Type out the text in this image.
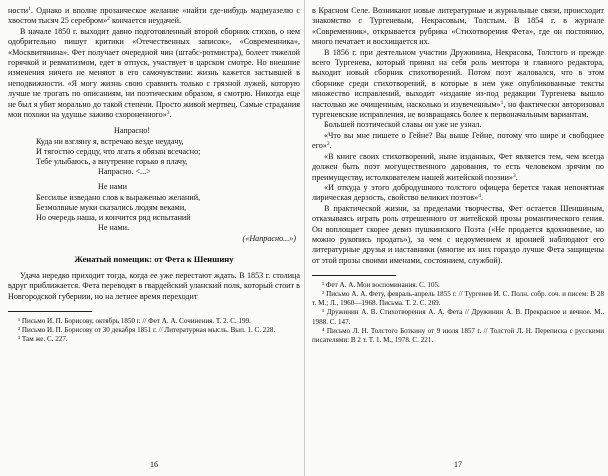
ности$^1$. Однако и вполне прозаическое желание «найти где-нибудь мадмуазелю с хвостом тысяч 25 серебром»$^2$ кончается неудачей.

В начале 1850 г. выходит давно подготовленный второй сборник стихов, о нем одобрительно пишут критики «Отечественных записок», «Современника», «Москвитянина». Фет получает очередной чин (штабс-ротмистра), болеет тяжелой горячкой и ревматизмом, едет в отпуск, участвует в царском смотре. Но внешние изменения ничего не меняют в его самочувствии: жизнь кажется застывшей в неподвижности. «Я могу жизнь свою сравнить только с грязной лужей, которую лучше не трогать по описаниям, ни поэтическим образом, я смотрю. Никогда еще не был я убит морально до такой степени. Просто живой мертвец. Самые страдания мои похожи на удушье заживо схороненного»$^3$.

Напрасно!
Куда ни взгляну я, встречаю везде неудачу,
И тягостно сердцу, что лгать я обязан всечасно;
Тебе улыбаюсь, а внутренне горько я плачу,
Напрасно. <...>
Не нами
Бессилье изведано слов к выраженью желаний,
Безмолвные муки сказались людям веками,
Но очередь наша, и кончится ряд испытаний
Не нами.
(«Напрасно...»)
Женатый помещик: от Фета к Шеншину

Удача нередко приходит тогда, когда ее уже перестают ждать. В 1853 г. столица вдруг приближается. Фета переводят в гвардейский уланский полк, который стоит в Новгородской губернии, но на летнее время переходит

¹ Письмо И. П. Борисову, октябрь 1850 г. // Фет А. А. Сочинения. Т. 2. С. 199.
² Письмо И. П. Борисову от 30 декабря 1851 г. // Литературная мысль. Вып. 1. С. 228.
³ Там же. С. 227.
16

в Красном Селе. Возникают новые литературные и журнальные связи, происходит знакомство с Тургеневым, Некрасовым, Толстым. В 1854 г. в журнале «Современник», открывается рубрика «Стихотворения Фета», где он постоянно, много печатает и восхищается их.

В 1856 г. при деятельном участии Дружинина, Некрасова, Толстого и прежде всего Тургенева, который принял на себя роль ментора и главного редактора, выходит новый сборник стихотворений. Потом поэт жаловался, что в этом сборнике среди стихотворений, в которые в нем уже опубликованные тексты множество исправлений, выходит «издание из-под редакции Тургенева вышло настолько же очищенным, насколько и изувеченным»$^1$, но фактически авторизовал тургеневские исправления, не возвращаясь более к первоначальным вариантам.

Большей поэтической славы он уже не узнал.

«Что вы мне пишете о Гейне? Вы выше Гейне, потому что шире и свободнее его»$^2$.

«В книге своих стихотворений, ныне изданных, Фет является тем, чем всегда должен быть поэт могущественного дарования, то есть человеком зрячим по преимуществу, истолкователем нашей житейской поэзии»$^3$.

«И откуда у этого добродушного толстого офицера берется такая непонятная лирическая дерзость, свойство великих поэтов»$^4$.

В практической жизни, за пределами творчества, Фет остается Шеншиным, отказываясь играть роль отрешенного от житейской прозы романтического гения. Он воплощает скорее девиз пушкинского Поэта («Не продается вдохновение, но можно рукопись продать»), за чем с недоумением и иронией наблюдают его литературные друзья и наставники (многие их них гораздо лучше Фета защищены от этой прозы своими именами, состоянием, службой).

¹ Фет А. А. Мои воспоминания. С. 105.
² Письмо А. А. Фету, февраль-апрель 1855 г. // Тургенев И. С. Полн. собр. соч. и писем: В 28 т. М.; Л., 1960—1968. Письма. Т. 2. С. 269.
³ Дружинин А. В. Стихотворения А. А. Фета // Дружинин А. В. Прекрасное и вечное. М., 1988. С. 147.
⁴ Письмо Л. Н. Толстого Боткину от 9 июля 1857 г. // Толстой Л. Н. Переписка с русскими писателями: В 2 т. Т. 1. М., 1978. С. 221.
17
